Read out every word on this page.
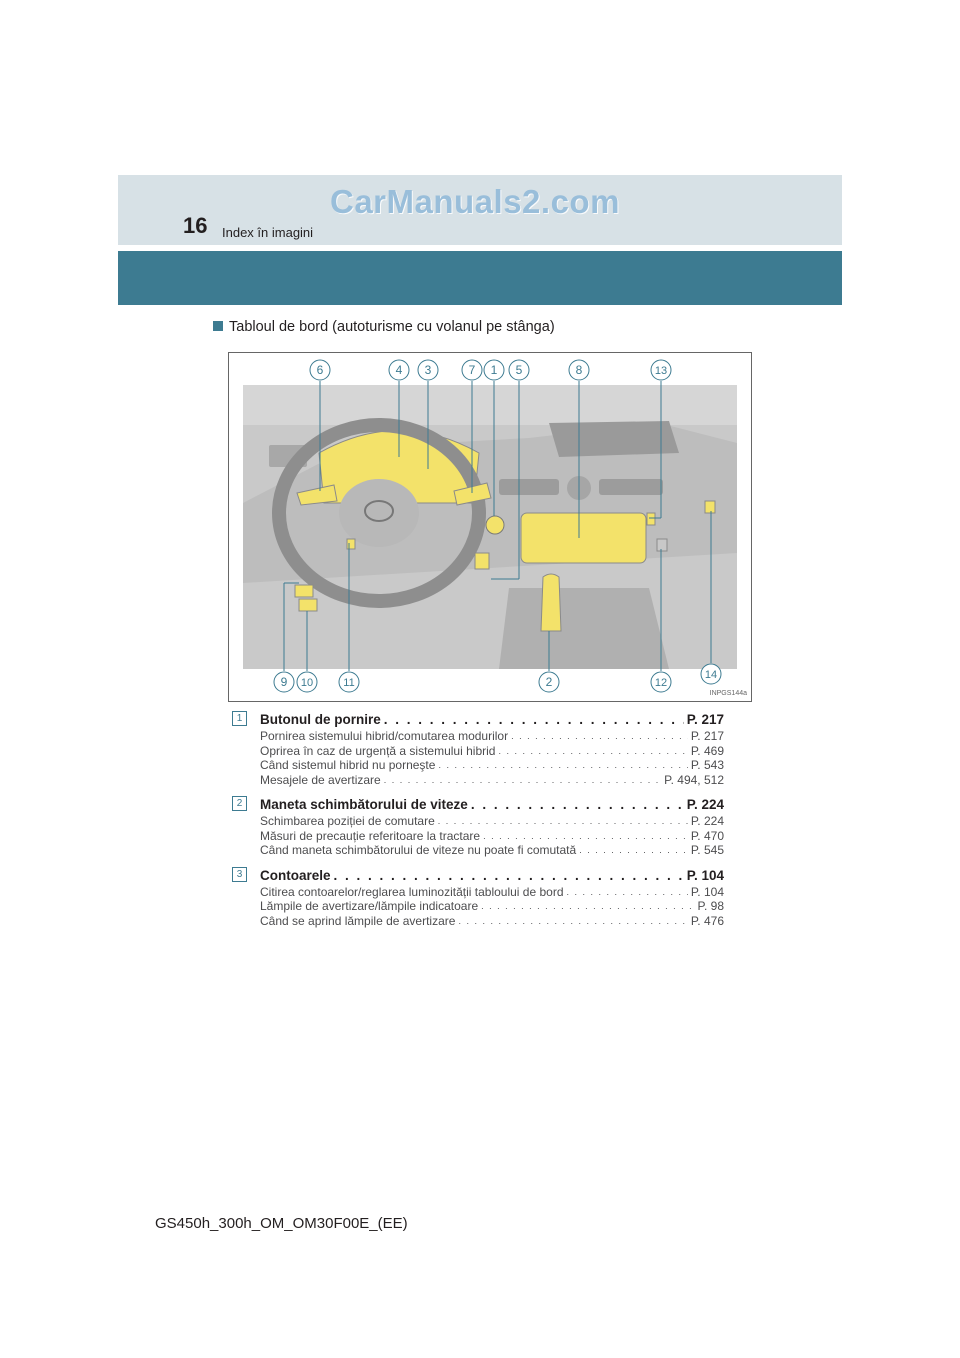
CarManuals2.com
16 Index în imagini
Tabloul de bord (autoturisme cu volanul pe stânga)
6	4 3	7 1 5	8	13
9 10	11	2	12
14
INPGS144a
1	Butonul de pornire . . .	P. 217
Pornirea sistemului hibrid/comutarea modurilor . . .	P. 217
Oprirea în caz de urgență a sistemului hibrid . . .	P. 469
Când sistemul hibrid nu porneşte . . .	P. 543
Mesajele de avertizare . . .	P. 494, 512
2	Maneta schimbătorului de viteze . . .	P. 224
Schimbarea poziției de comutare . . .	P. 224
Măsuri de precauție referitoare la tractare . . .	P. 470
Când maneta schimbătorului de viteze nu poate fi comutată . . .	P. 545
3	Contoarele . . .	P. 104
Citirea contoarelor/reglarea luminozității tabloului de bord . . .	P. 104
Lămpile de avertizare/lămpile indicatoare . . .	P. 98
Când se aprind lămpile de avertizare . . .	P. 476
GS450h_300h_OM_OM30F00E_(EE)
